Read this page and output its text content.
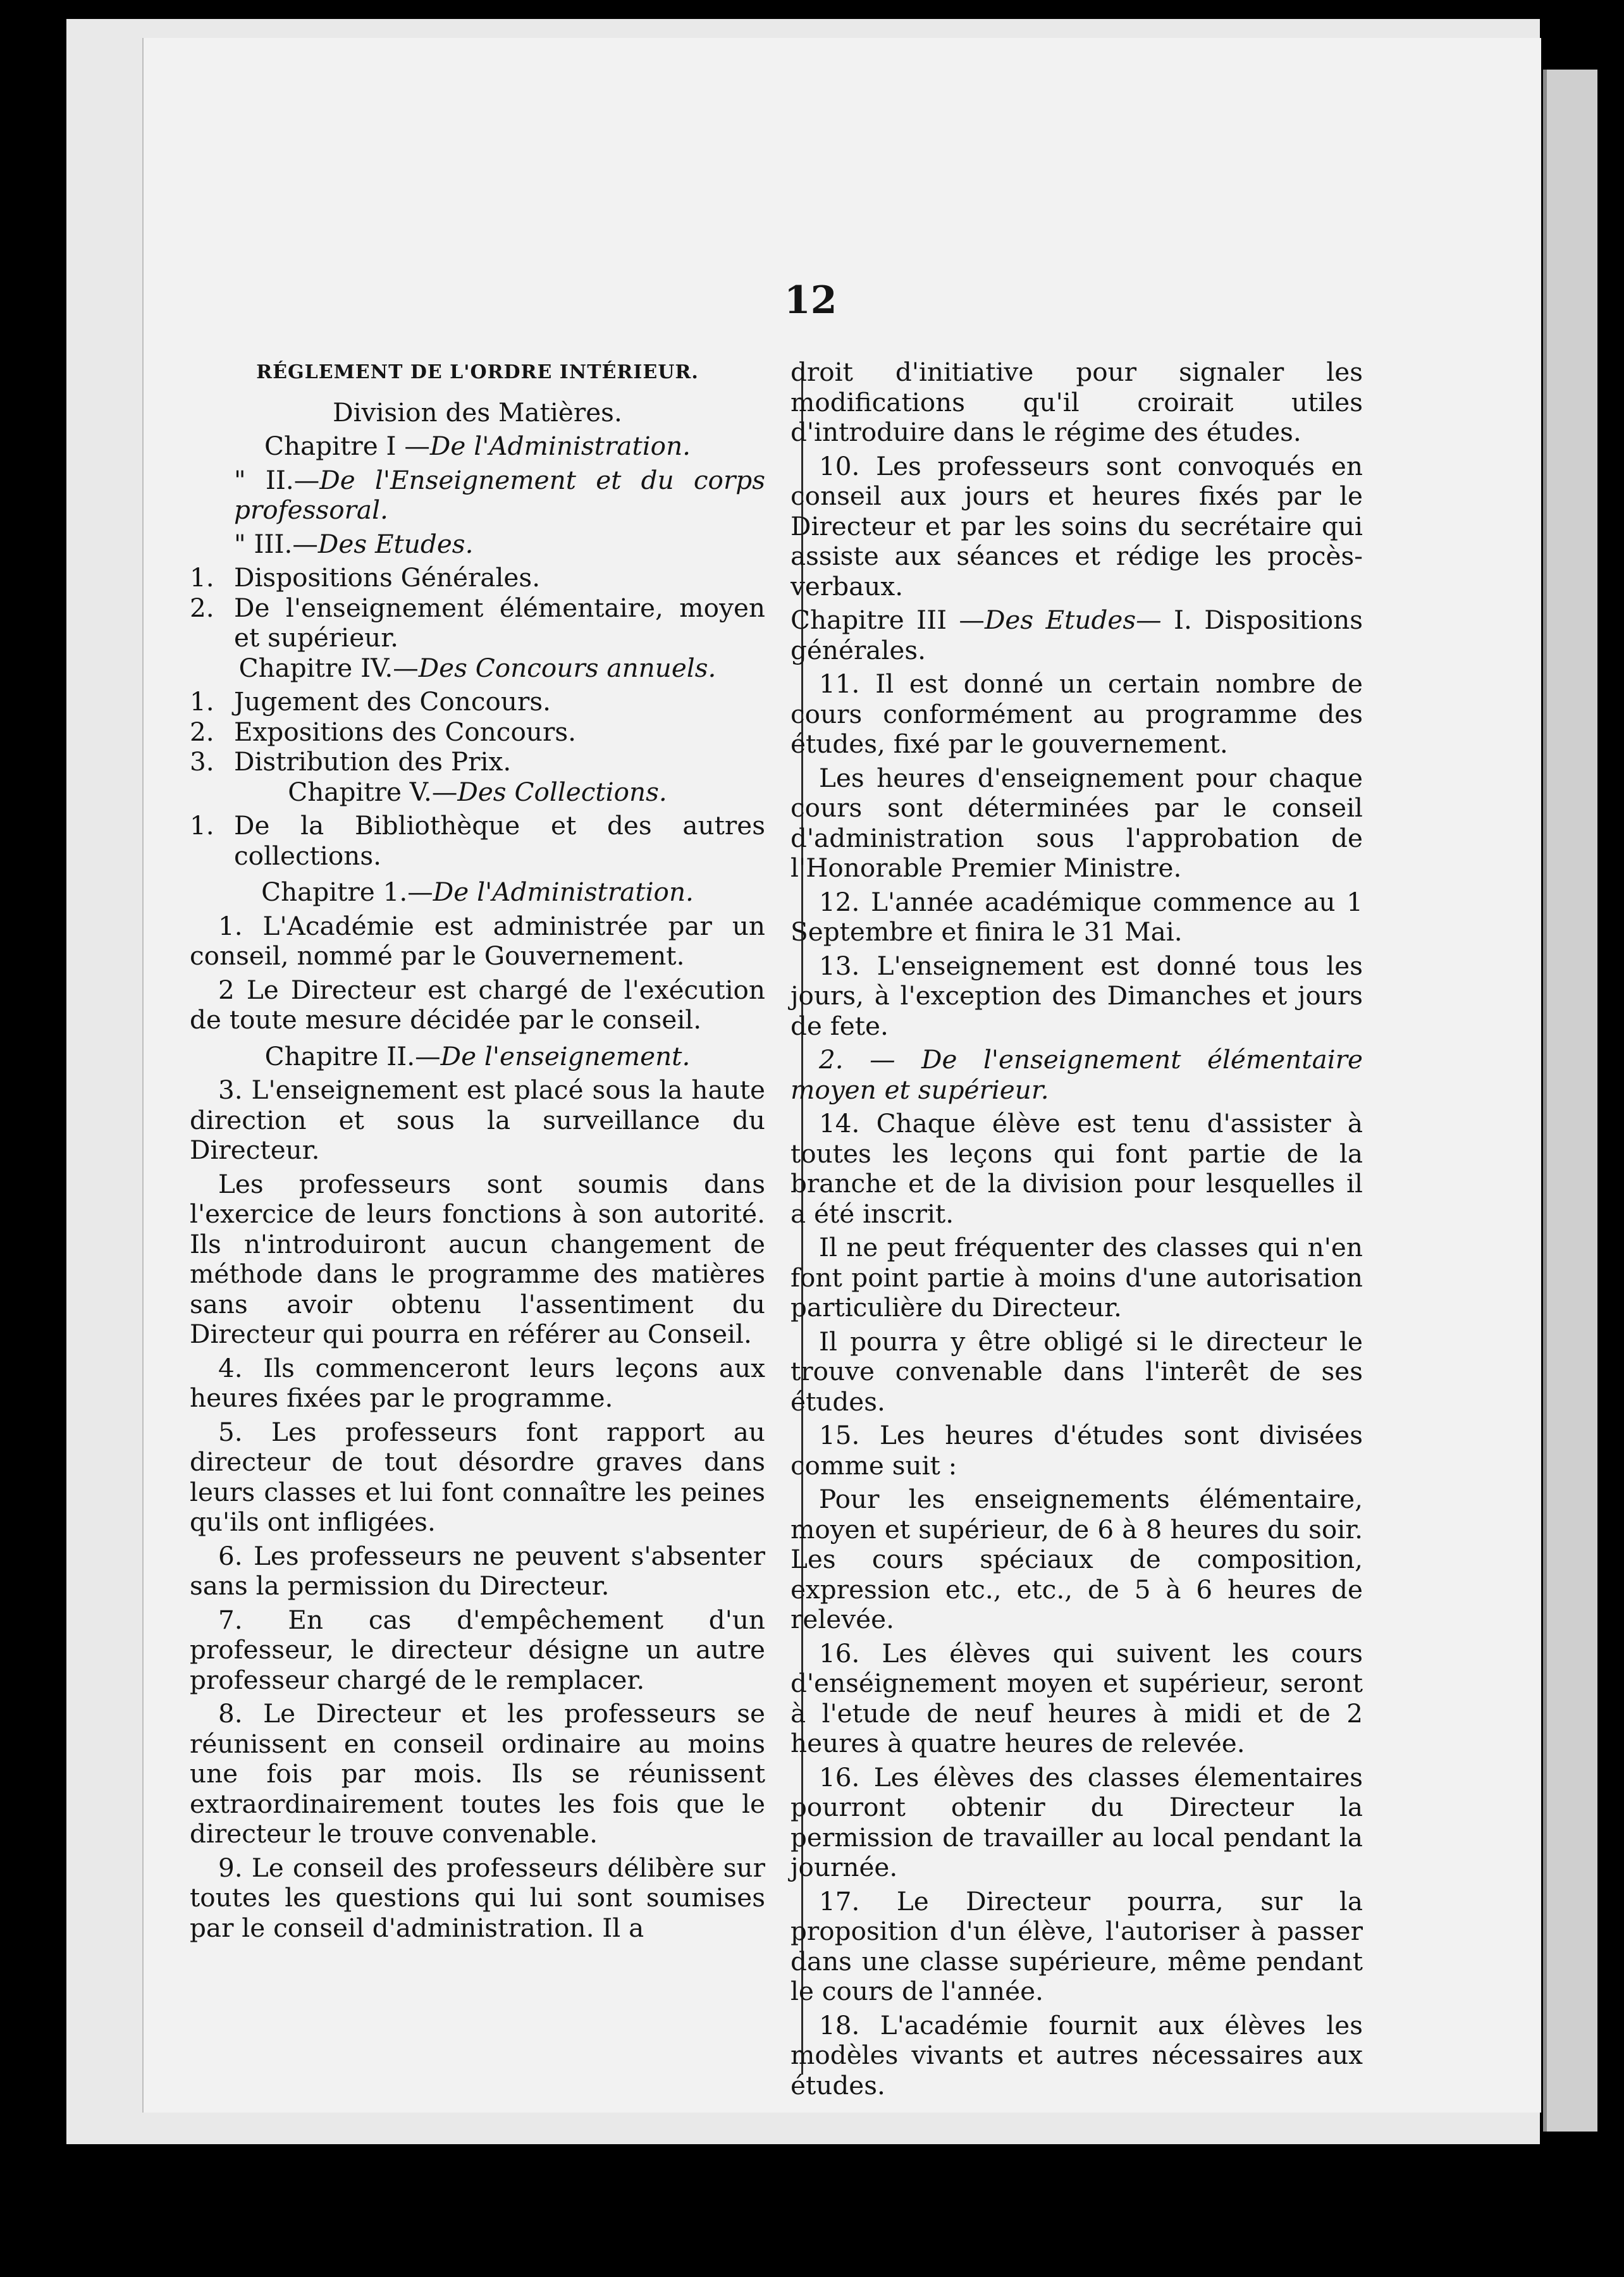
12

RÉGLEMENT DE L'ORDRE INTÉRIEUR.

Division des Matières.

Chapitre I —De l'Administration.

" II.—De l'Enseignement et du corps professoral.

" III.—Des Etudes.

1. Dispositions Générales.
2. De l'enseignement élémentaire, moyen et supérieur.

Chapitre IV.—Des Concours annuels.

1. Jugement des Concours.
2. Expositions des Concours.
3. Distribution des Prix.

Chapitre V.—Des Collections.

1. De la Bibliothèque et des autres collections.

Chapitre 1.—De l'Administration.

1. L'Académie est administrée par un conseil, nommé par le Gouvernement.

2 Le Directeur est chargé de l'exécution de toute mesure décidée par le conseil.

Chapitre II.—De l'enseignement.

3. L'enseignement est placé sous la haute direction et sous la surveillance du Directeur.

Les professeurs sont soumis dans l'exercice de leurs fonctions à son autorité. Ils n'introduiront aucun changement de méthode dans le programme des matières sans avoir obtenu l'assentiment du Directeur qui pourra en référer au Conseil.

4. Ils commenceront leurs leçons aux heures fixées par le programme.

5. Les professeurs font rapport au directeur de tout désordre graves dans leurs classes et lui font connaître les peines qu'ils ont infligées.

6. Les professeurs ne peuvent s'absenter sans la permission du Directeur.

7. En cas d'empêchement d'un professeur, le directeur désigne un autre professeur chargé de le remplacer.

8. Le Directeur et les professeurs se réunissent en conseil ordinaire au moins une fois par mois. Ils se réunissent extraordinairement toutes les fois que le directeur le trouve convenable.

9. Le conseil des professeurs délibère sur toutes les questions qui lui sont soumises par le conseil d'administration. Il a

droit d'initiative pour signaler les modifications qu'il croirait utiles d'introduire dans le régime des études.

10. Les professeurs sont convoqués en conseil aux jours et heures fixés par le Directeur et par les soins du secrétaire qui assiste aux séances et rédige les procès-verbaux.

Chapitre III —Des Etudes— I. Dispositions générales.

11. Il est donné un certain nombre de cours conformément au programme des études, fixé par le gouvernement.

Les heures d'enseignement pour chaque cours sont déterminées par le conseil d'administration sous l'approbation de l'Honorable Premier Ministre.

12. L'année académique commence au 1 Septembre et finira le 31 Mai.

13. L'enseignement est donné tous les jours, à l'exception des Dimanches et jours de fete.

2. — De l'enseignement élémentaire moyen et supérieur.

14. Chaque élève est tenu d'assister à toutes les leçons qui font partie de la branche et de la division pour lesquelles il a été inscrit.

Il ne peut fréquenter des classes qui n'en font point partie à moins d'une autorisation particulière du Directeur.

Il pourra y être obligé si le directeur le trouve convenable dans l'interêt de ses études.

15. Les heures d'études sont divisées comme suit :

Pour les enseignements élémentaire, moyen et supérieur, de 6 à 8 heures du soir. Les cours spéciaux de composition, expression etc., etc., de 5 à 6 heures de relevée.

16. Les élèves qui suivent les cours d'enséignement moyen et supérieur, seront à l'etude de neuf heures à midi et de 2 heures à quatre heures de relevée.

16. Les élèves des classes élementaires pourront obtenir du Directeur la permission de travailler au local pendant la journée.

17. Le Directeur pourra, sur la proposition d'un élève, l'autoriser à passer dans une classe supérieure, même pendant le cours de l'année.

18. L'académie fournit aux élèves les modèles vivants et autres nécessaires aux études.
